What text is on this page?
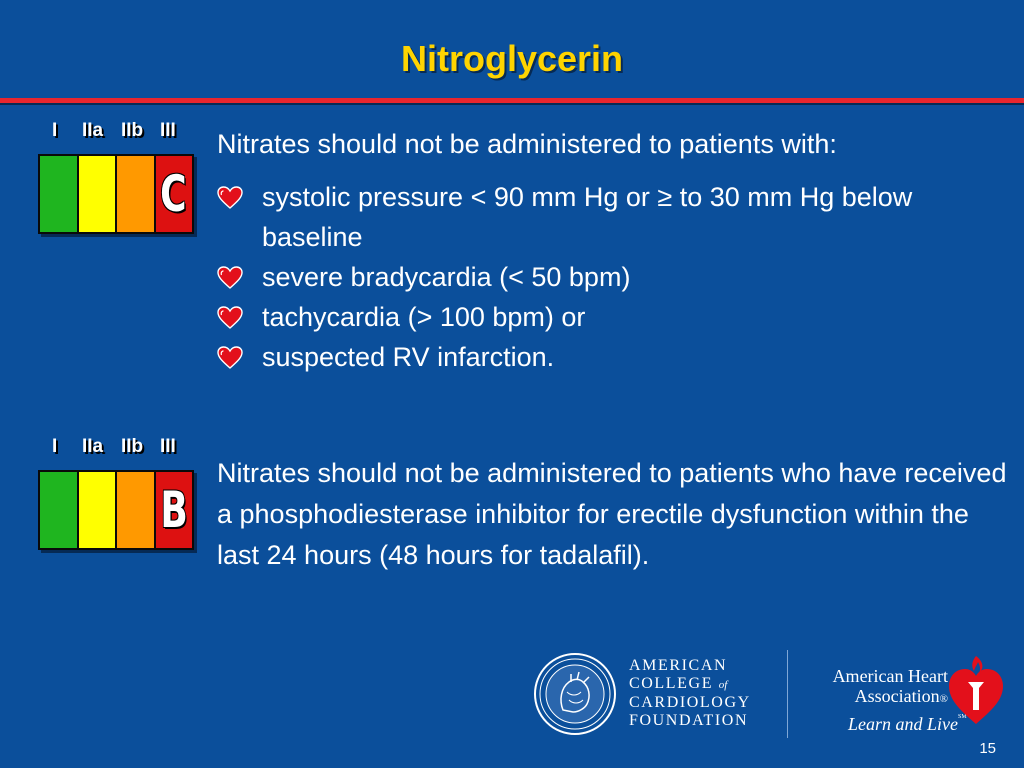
Nitroglycerin
I IIa IIb III
C

Nitrates should not be administered to patients with:

systolic pressure < 90 mm Hg or ≥ to 30 mm Hg below baseline
severe bradycardia (< 50 bpm)
tachycardia (> 100 bpm) or
suspected RV infarction.
I IIa IIb III
B

Nitrates should not be administered to patients who have received a phosphodiesterase inhibitor for erectile dysfunction within the last 24 hours (48 hours for tadalafil).

AMERICAN
COLLEGE of
CARDIOLOGY
FOUNDATION
American Heart
Association®
Learn and Live℠
15
